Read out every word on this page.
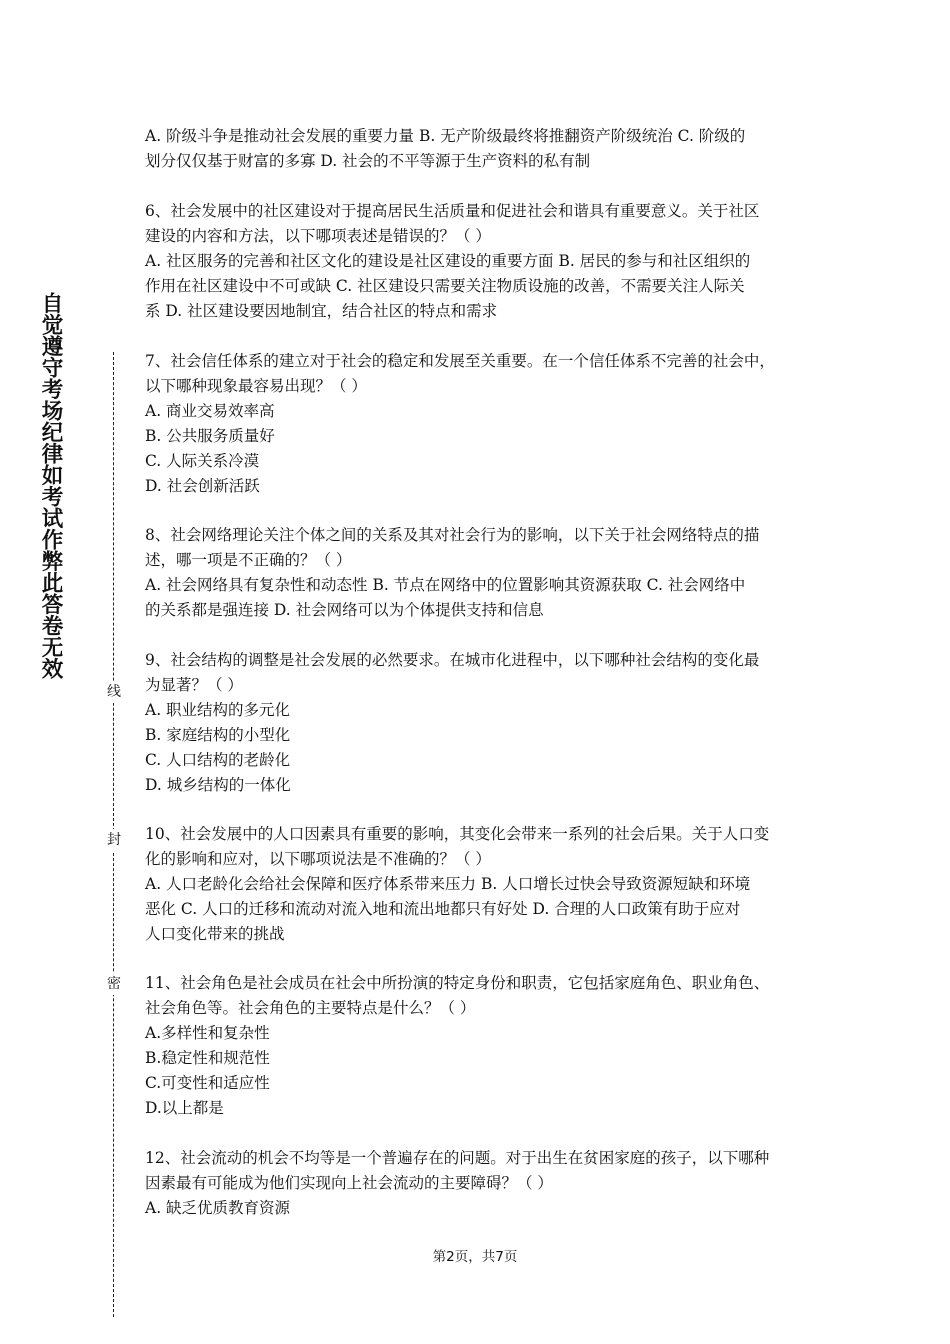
自觉遵守考场纪律如考试作弊此答卷无效
线
封
密
A. 阶级斗争是推动社会发展的重要力量 B. 无产阶级最终将推翻资产阶级统治 C. 阶级的
划分仅仅基于财富的多寡 D. 社会的不平等源于生产资料的私有制
6、社会发展中的社区建设对于提高居民生活质量和促进社会和谐具有重要意义。关于社区
建设的内容和方法，以下哪项表述是错误的？（ ）
A. 社区服务的完善和社区文化的建设是社区建设的重要方面 B. 居民的参与和社区组织的
作用在社区建设中不可或缺 C. 社区建设只需要关注物质设施的改善，不需要关注人际关
系 D. 社区建设要因地制宜，结合社区的特点和需求
7、社会信任体系的建立对于社会的稳定和发展至关重要。在一个信任体系不完善的社会中，
以下哪种现象最容易出现？（ ）
A. 商业交易效率高
B. 公共服务质量好
C. 人际关系冷漠
D. 社会创新活跃
8、社会网络理论关注个体之间的关系及其对社会行为的影响，以下关于社会网络特点的描
述，哪一项是不正确的？（ ）
A. 社会网络具有复杂性和动态性 B. 节点在网络中的位置影响其资源获取 C. 社会网络中
的关系都是强连接 D. 社会网络可以为个体提供支持和信息
9、社会结构的调整是社会发展的必然要求。在城市化进程中，以下哪种社会结构的变化最
为显著？（ ）
A. 职业结构的多元化
B. 家庭结构的小型化
C. 人口结构的老龄化
D. 城乡结构的一体化
10、社会发展中的人口因素具有重要的影响，其变化会带来一系列的社会后果。关于人口变
化的影响和应对，以下哪项说法是不准确的？（ ）
A. 人口老龄化会给社会保障和医疗体系带来压力 B. 人口增长过快会导致资源短缺和环境
恶化 C. 人口的迁移和流动对流入地和流出地都只有好处 D. 合理的人口政策有助于应对
人口变化带来的挑战
11、社会角色是社会成员在社会中所扮演的特定身份和职责，它包括家庭角色、职业角色、
社会角色等。社会角色的主要特点是什么？（ ）
A.多样性和复杂性
B.稳定性和规范性
C.可变性和适应性
D.以上都是
12、社会流动的机会不均等是一个普遍存在的问题。对于出生在贫困家庭的孩子，以下哪种
因素最有可能成为他们实现向上社会流动的主要障碍？（ ）
A. 缺乏优质教育资源
第2页，共7页
